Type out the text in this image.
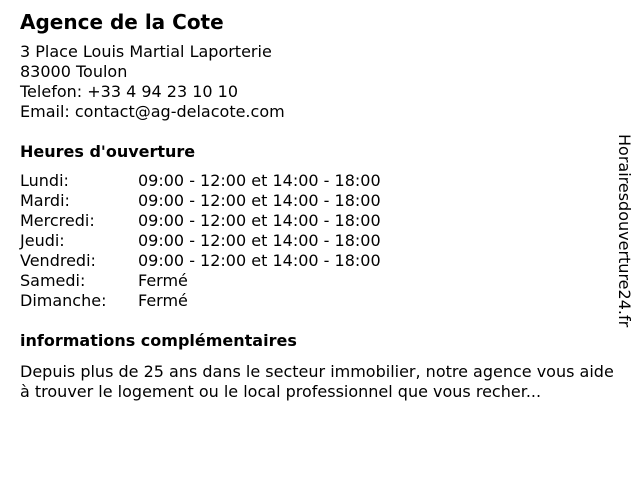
Agence de la Cote
3 Place Louis Martial Laporterie
83000 Toulon
Telefon: +33 4 94 23 10 10
Email: contact@ag-delacote.com
Heures d'ouverture
Lundi:	09:00 - 12:00 et 14:00 - 18:00
Mardi:	09:00 - 12:00 et 14:00 - 18:00
Mercredi:	09:00 - 12:00 et 14:00 - 18:00
Jeudi:	09:00 - 12:00 et 14:00 - 18:00
Vendredi:	09:00 - 12:00 et 14:00 - 18:00
Samedi:	Fermé
Dimanche:	Fermé
informations complémentaires
Depuis plus de 25 ans dans le secteur immobilier, notre agence vous aide à trouver le logement ou le local professionnel que vous recher...
Horairesdouverture24.fr
